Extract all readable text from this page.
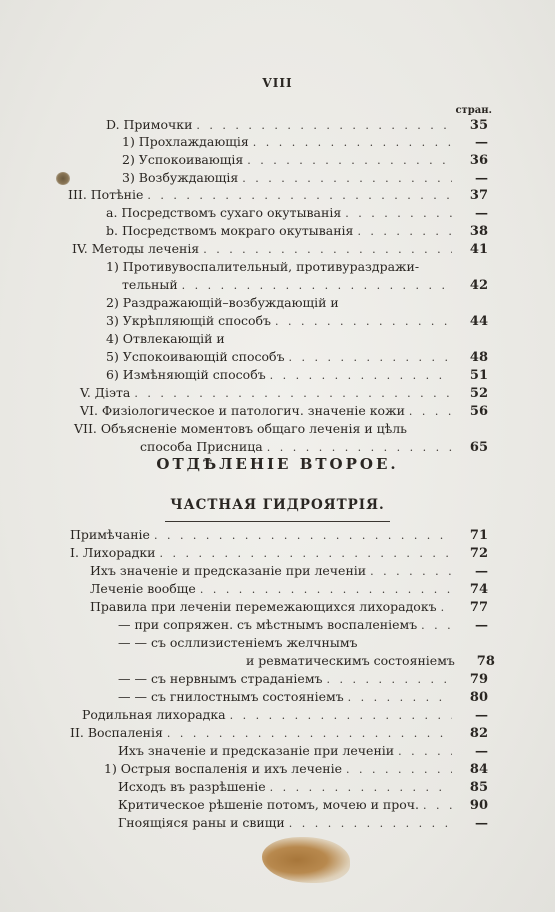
VIII
стран.
D. Примочки . . .	35
1) Прохлаждающія . . .	—
2) Успокоивающія . . .	36
3) Возбуждающія . . .	—
III. Потѣніе . . .	37
a. Посредствомъ сухаго окутыванія . . .	—
b. Посредствомъ мокраго окутыванія . . .	38
IV. Методы леченія . . .	41
1) Противувоспалительный, противураздражи-
тельный . . .	42
2) Раздражающій–возбуждающій и
3) Укрѣпляющій способъ . . .	44
4) Отвлекающій и
5) Успокоивающій способъ . . .	48
6) Измѣняющій способъ . . .	51
V. Діэта . . .	52
VI. Физіологическое и патологич. значеніе кожи . . .	56
VII. Объясненіе моментовъ общаго леченія и цѣль
способа Присница . . .	65
ОТДѢЛЕНІЕ ВТОРОЕ.
ЧАСТНАЯ ГИДРОЯТРІЯ.
Примѣчаніе . . .	71
I. Лихорадки . . .	72
Ихъ значеніе и предсказаніе при леченіи . . .	—
Леченіе вообще . . .	74
Правила при леченіи перемежающихся лихорадокъ . . .	77
— при сопряжен. съ мѣстнымъ воспаленіемъ . . .	—
— — съ осллизистеніемъ желчнымъ
и ревматическимъ состояніемъ	78
— — съ нервнымъ страданіемъ . . .	79
— — съ гнилостнымъ состояніемъ . . .	80
Родильная лихорадка . . .	—
II. Воспаленія . . .	82
Ихъ значеніе и предсказаніе при леченіи . . .	—
1) Острыя воспаленія и ихъ леченіе . . .	84
Исходъ въ разрѣшеніе . . .	85
Критическое рѣшеніе потомъ, мочею и проч. . . .	90
Гноящіяся раны и свищи . . .	—
